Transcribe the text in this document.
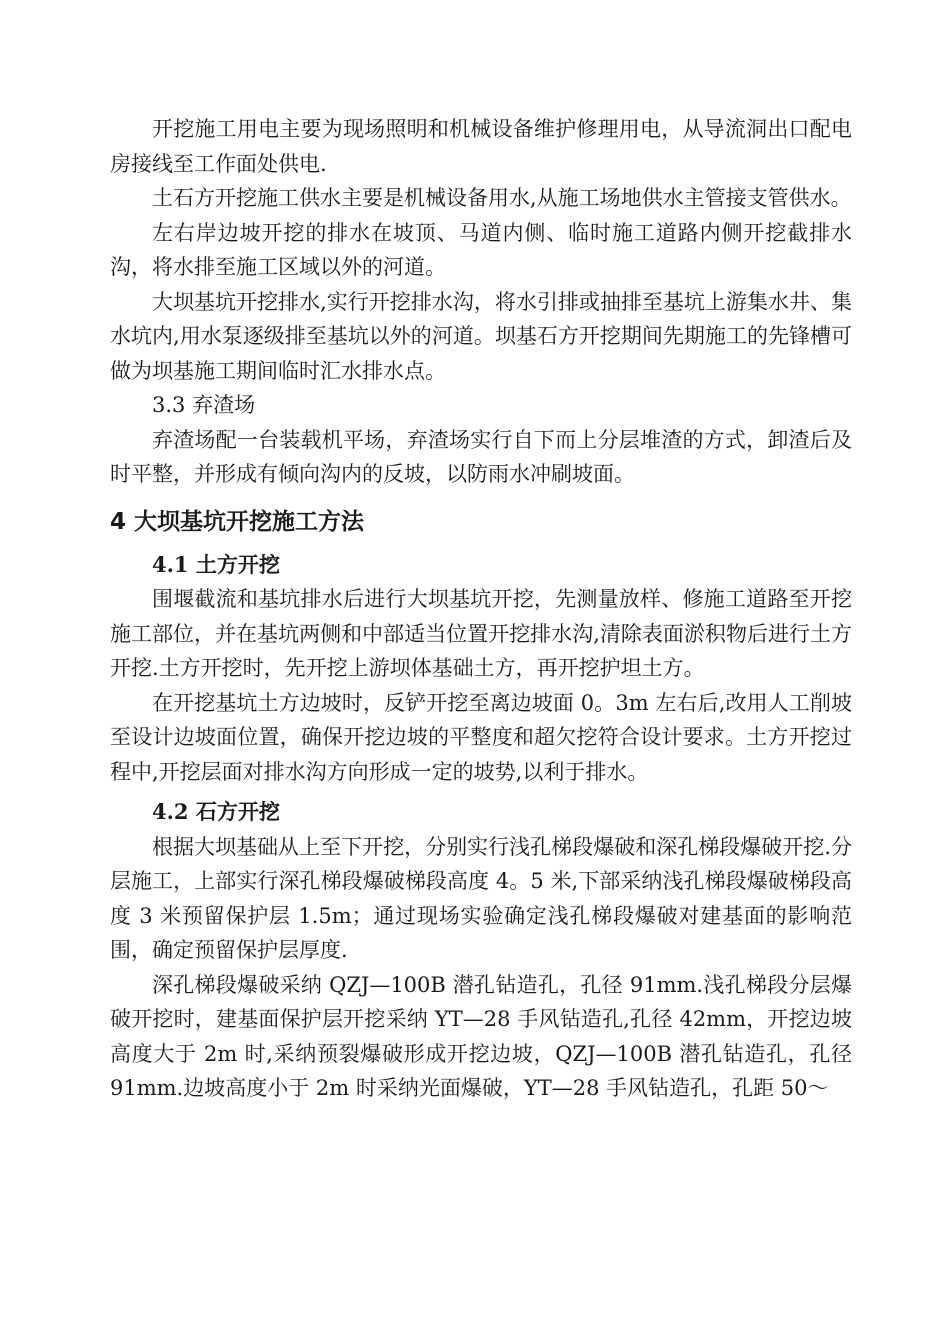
开挖施工用电主要为现场照明和机械设备维护修理用电，从导流洞出口配电房接线至工作面处供电.

土石方开挖施工供水主要是机械设备用水,从施工场地供水主管接支管供水。

左右岸边坡开挖的排水在坡顶、马道内侧、临时施工道路内侧开挖截排水沟，将水排至施工区域以外的河道。

大坝基坑开挖排水,实行开挖排水沟，将水引排或抽排至基坑上游集水井、集水坑内,用水泵逐级排至基坑以外的河道。坝基石方开挖期间先期施工的先锋槽可做为坝基施工期间临时汇水排水点。

3.3 弃渣场

弃渣场配一台装载机平场，弃渣场实行自下而上分层堆渣的方式，卸渣后及时平整，并形成有倾向沟内的反坡，以防雨水冲刷坡面。

4 大坝基坑开挖施工方法

4.1 土方开挖

围堰截流和基坑排水后进行大坝基坑开挖，先测量放样、修施工道路至开挖施工部位，并在基坑两侧和中部适当位置开挖排水沟,清除表面淤积物后进行土方开挖.土方开挖时，先开挖上游坝体基础土方，再开挖护坦土方。

在开挖基坑土方边坡时，反铲开挖至离边坡面 0。3m 左右后,改用人工削坡至设计边坡面位置，确保开挖边坡的平整度和超欠挖符合设计要求。土方开挖过程中,开挖层面对排水沟方向形成一定的坡势,以利于排水。

4.2 石方开挖

根据大坝基础从上至下开挖，分别实行浅孔梯段爆破和深孔梯段爆破开挖.分层施工，上部实行深孔梯段爆破梯段高度 4。5 米,下部采纳浅孔梯段爆破梯段高度 3 米预留保护层 1.5m；通过现场实验确定浅孔梯段爆破对建基面的影响范围，确定预留保护层厚度.

深孔梯段爆破采纳 QZJ—100B 潜孔钻造孔，孔径 91mm.浅孔梯段分层爆破开挖时，建基面保护层开挖采纳 YT—28 手风钻造孔,孔径 42mm，开挖边坡高度大于 2m 时,采纳预裂爆破形成开挖边坡，QZJ—100B 潜孔钻造孔，孔径 91mm.边坡高度小于 2m 时采纳光面爆破，YT—28 手风钻造孔，孔距 50～
